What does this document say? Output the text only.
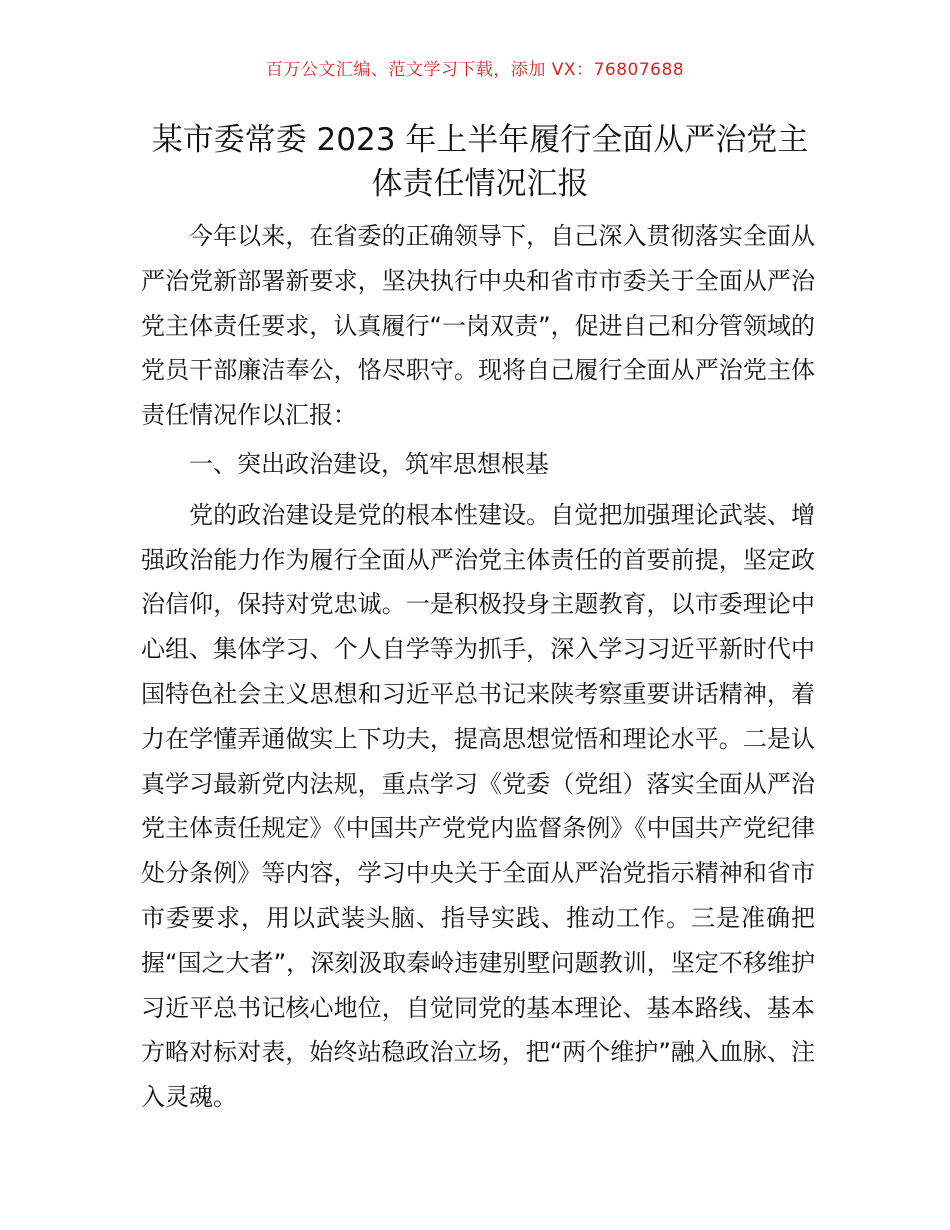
百万公文汇编、范文学习下载，添加 VX：76807688
某市委常委 2023 年上半年履行全面从严治党主
体责任情况汇报

今年以来，在省委的正确领导下，自己深入贯彻落实全面从严治党新部署新要求，坚决执行中央和省市市委关于全面从严治党主体责任要求，认真履行“一岗双责”，促进自己和分管领域的党员干部廉洁奉公，恪尽职守。现将自己履行全面从严治党主体责任情况作以汇报：

一、突出政治建设，筑牢思想根基

党的政治建设是党的根本性建设。自觉把加强理论武装、增强政治能力作为履行全面从严治党主体责任的首要前提，坚定政治信仰，保持对党忠诚。一是积极投身主题教育，以市委理论中心组、集体学习、个人自学等为抓手，深入学习习近平新时代中国特色社会主义思想和习近平总书记来陕考察重要讲话精神，着力在学懂弄通做实上下功夫，提高思想觉悟和理论水平。二是认真学习最新党内法规，重点学习《党委（党组）落实全面从严治党主体责任规定》《中国共产党党内监督条例》《中国共产党纪律处分条例》等内容，学习中央关于全面从严治党指示精神和省市市委要求，用以武装头脑、指导实践、推动工作。三是准确把握“国之大者”，深刻汲取秦岭违建别墅问题教训，坚定不移维护习近平总书记核心地位，自觉同党的基本理论、基本路线、基本方略对标对表，始终站稳政治立场，把“两个维护”融入血脉、注入灵魂。
